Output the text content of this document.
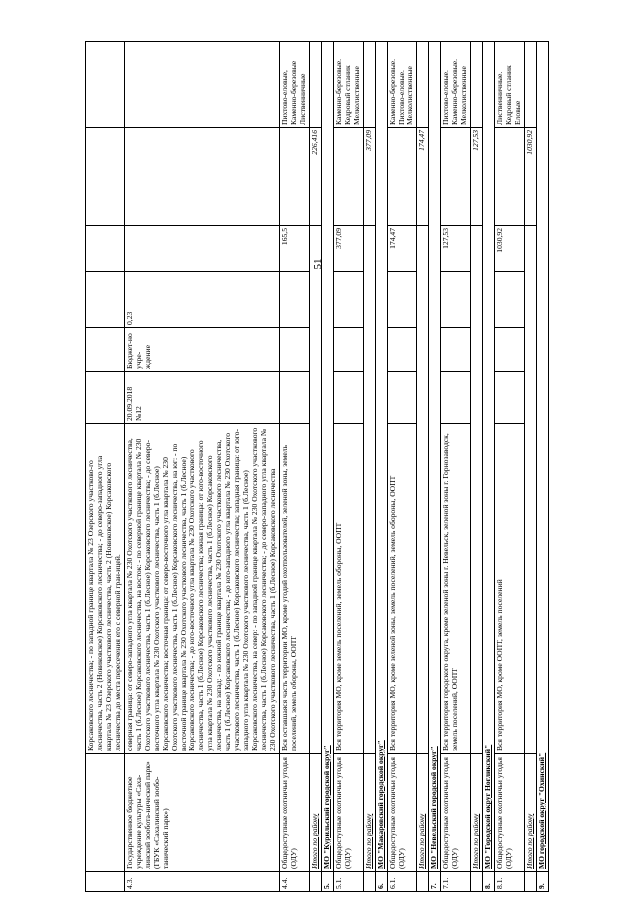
51
		Корсаковского лесничества; - по западной границе квартала № 23 Озерского участково-го лесничества, часть 2 (Новиковское) Корсаковского лесничества; - до северо-западного угла квартала № 23 Озерского участкового лесничества, часть 2 (Новиковское) Корсаковского лесничества до места пересечения его с северной гран-ицей.						
4.3.	Государственное бюджетное учреждение культуры «Саха-линский зообота-нический парк» (ГБУК «Сахалинский зообо-танический парк»)	северная граница: от северо-западного угла квартала № 230 Охотского участкового лесничества, часть 1 (б.Лесное) Корсаковского лесничества, на восток: - по северной границе квартала № 230 Охотского участкового лесничества, часть 1 (б.Лесное) Корсаковского лесничества; - до северо-восточного угла квартала № 230 Охотского участкового лесничества, часть 1 (б.Лесное) Корсаковского лесничества; восточная граница: от северо-восточного угла квартала № 230 Охотского участкового лесничества, часть 1 (б.Лесное) Корсаковского лесничества, на юг: - по восточной границе квартала № 230 Охотского участкового лесничества, часть 1 (б.Лесное) Корсаковского лесничества; - до юго-восточного угла квартала № 230 Охотского участкового лесничества, часть 1 (б.Лесное) Корсаковского лесничества; южная граница: от юго-восточного угла квартала № 230 Охотского участкового лесничества, часть 1 (б.Лесное) Корсаковского лесничества, на запад: - по южной границе квартала № 230 Охотского участкового лесничества, часть 1 (б.Лесное) Корсаковского лесничества; - до юго-западного угла квартала № 230 Охотского участкового лесничества, часть 1 (б.Лесное) Корсаковского лесничества; западная граница: от юго-западного угла квартала № 230 Охотского участкового лесничества, часть 1 (б.Лесное) Корсаковского лесничества, на север: - по западной границе квартала № 230 Охотского участкового лесничества, часть 1 (б.Лесное) Корсаковского лесничества; - до северо-западного угла квартала № 230 Охотского участкового лесничества, часть 1 (б.Лесное) Корсаковского лесничества	20.09.2018 №12	Бюджет-но учре-ждение	0,23			
4.4.	Общедоступные охотничьи угодья (ОДУ)	Вся оставшаяся часть территории МО, кроме угодий охотпользователей, зеленой зоны, земель поселений, земель обороны, ООПТ				165,5		Пихтово-еловые, Каменно-березовые Лиственничные
	Итого по району						226,416	
5.	МО "Курильский городской округ"							
5.1.	Общедоступные охотничьи угодья (ОДУ)	Вся территория МО, кроме земель поселений, земель обороны, ООПТ				377,09		Каменно-березовые. Кедровый стланик Мелколиственные
	Итого по району						377,09	
6.	МО "Макаровский городской округ"							
6.1.	Общедоступные охотничьи угодья (ОДУ)	Вся территория МО, кроме зеленой зоны, земель поселений, земель обороны, ООПТ				174,47		Каменно-березовые. Пихтово-еловые. Мелколиственные
	Итого по району						174,47	
7.	МО "Невельский городской округ"							
7.1.	Общедоступные охотничьи угодья (ОДУ)	Вся территория городского округа, кроме зеленой зоны г. Невельск, зеленой зоны г. Горнозаводск, земель поселений, ООПТ				127,53		Пихтово-еловые. Каменно-березовые. Мелколиственные
	Итого по району						127,53	
8.	МО "Городской округ Ногликский"							
8.1.	Общедоступные охотничьи угодья (ОДУ)	Вся территория МО, кроме ООПТ, земель поселений				1030,92		Лиственничные. Кедровый стланик Еловые
	Итого по району						1030,92	
9.	МО городской округ "Охинский"							
